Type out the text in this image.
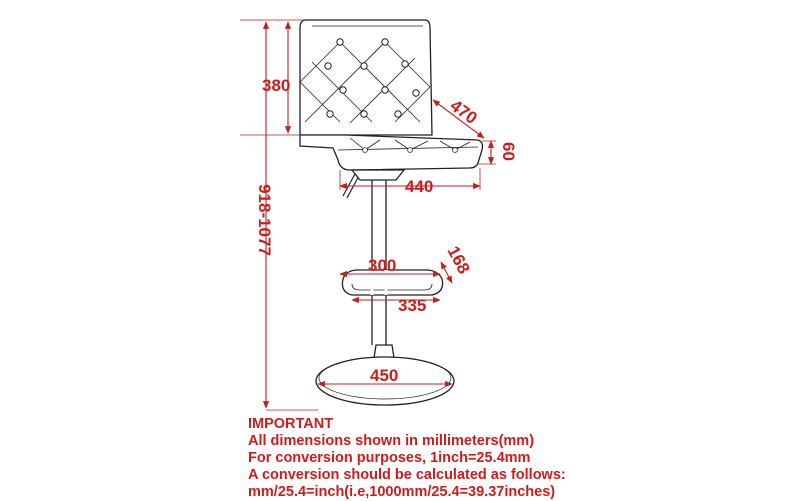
380
918-1077
470
60
440
300	168
335
450
IMPORTANT
All dimensions shown in millimeters(mm)
For conversion purposes, 1inch=25.4mm
A conversion should be calculated as follows:
mm/25.4=inch(i.e,1000mm/25.4=39.37inches)
